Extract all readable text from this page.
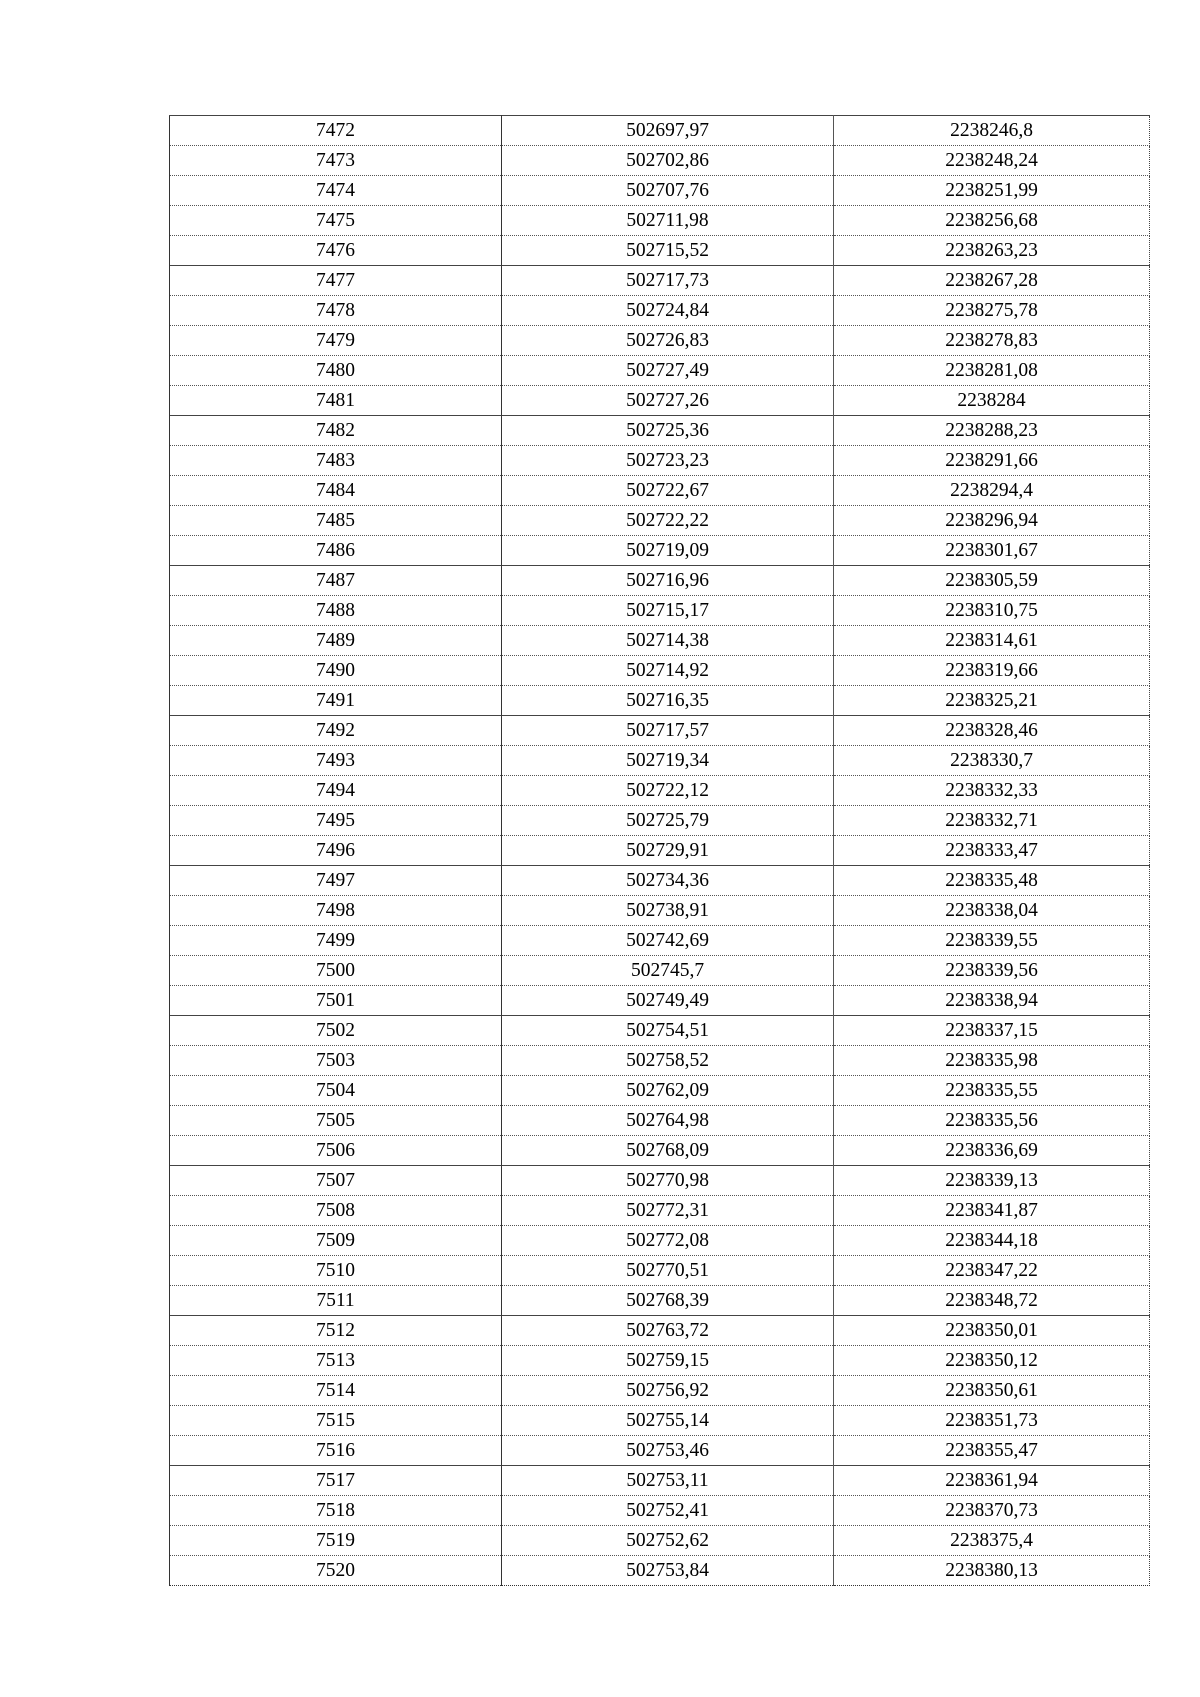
7472	502697,97	2238246,8
7473	502702,86	2238248,24
7474	502707,76	2238251,99
7475	502711,98	2238256,68
7476	502715,52	2238263,23
7477	502717,73	2238267,28
7478	502724,84	2238275,78
7479	502726,83	2238278,83
7480	502727,49	2238281,08
7481	502727,26	2238284
7482	502725,36	2238288,23
7483	502723,23	2238291,66
7484	502722,67	2238294,4
7485	502722,22	2238296,94
7486	502719,09	2238301,67
7487	502716,96	2238305,59
7488	502715,17	2238310,75
7489	502714,38	2238314,61
7490	502714,92	2238319,66
7491	502716,35	2238325,21
7492	502717,57	2238328,46
7493	502719,34	2238330,7
7494	502722,12	2238332,33
7495	502725,79	2238332,71
7496	502729,91	2238333,47
7497	502734,36	2238335,48
7498	502738,91	2238338,04
7499	502742,69	2238339,55
7500	502745,7	2238339,56
7501	502749,49	2238338,94
7502	502754,51	2238337,15
7503	502758,52	2238335,98
7504	502762,09	2238335,55
7505	502764,98	2238335,56
7506	502768,09	2238336,69
7507	502770,98	2238339,13
7508	502772,31	2238341,87
7509	502772,08	2238344,18
7510	502770,51	2238347,22
7511	502768,39	2238348,72
7512	502763,72	2238350,01
7513	502759,15	2238350,12
7514	502756,92	2238350,61
7515	502755,14	2238351,73
7516	502753,46	2238355,47
7517	502753,11	2238361,94
7518	502752,41	2238370,73
7519	502752,62	2238375,4
7520	502753,84	2238380,13
